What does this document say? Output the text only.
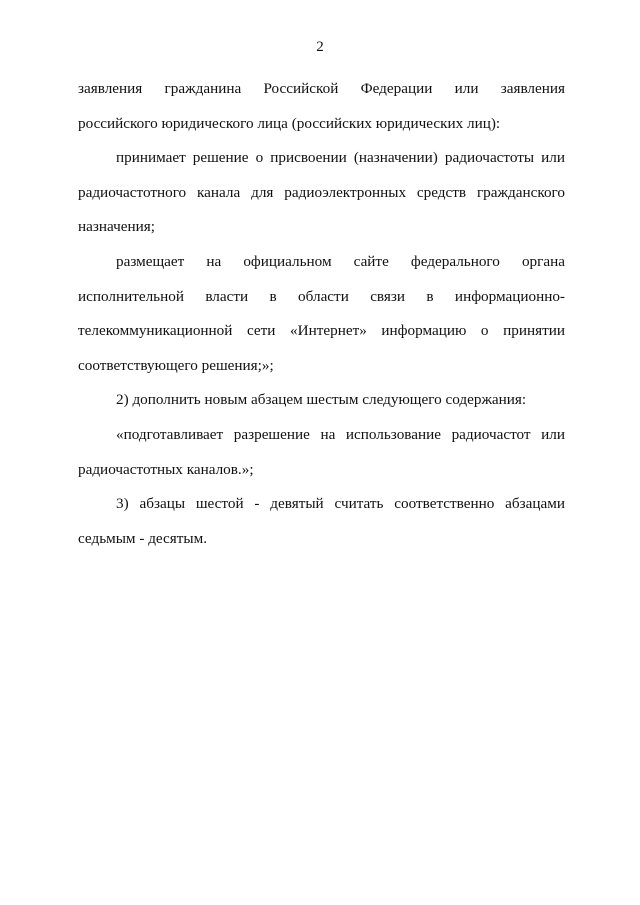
2

заявления гражданина Российской Федерации или заявления
российского юридического лица (российских юридических лиц):

принимает решение о присвоении (назначении) радиочастоты или радиочастотного канала для радиоэлектронных средств гражданского назначения;

размещает на официальном сайте федерального органа исполнительной власти в области связи в информационно-телекоммуникационной сети «Интернет» информацию о принятии соответствующего решения;»;

2) дополнить новым абзацем шестым следующего содержания:

«подготавливает разрешение на использование радиочастот или радиочастотных каналов.»;

3) абзацы шестой - девятый считать соответственно абзацами седьмым - десятым.
